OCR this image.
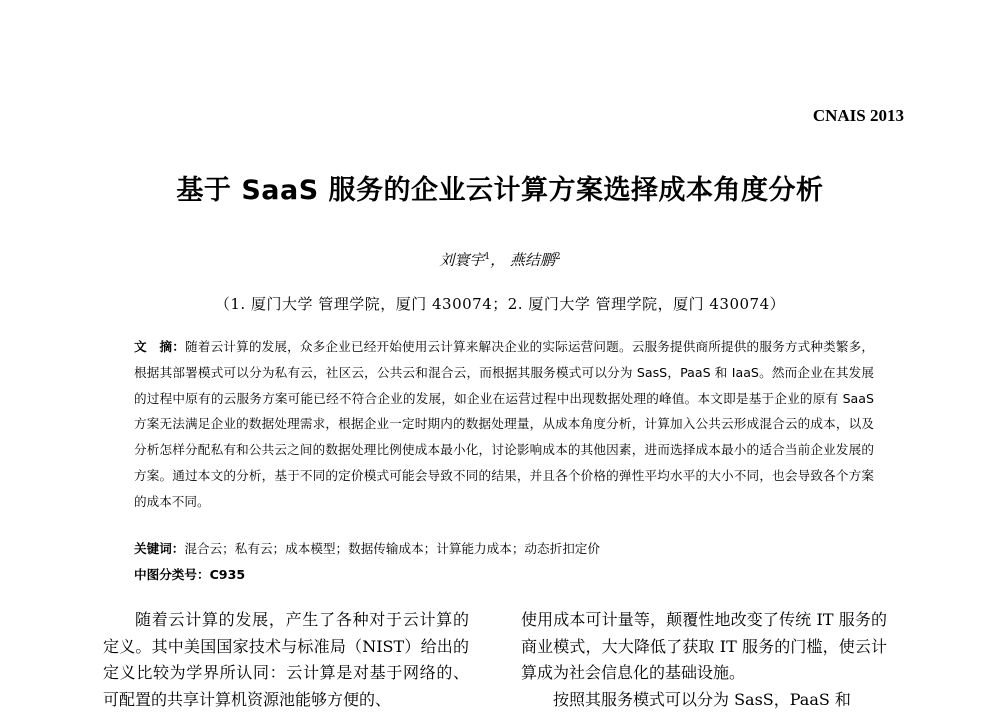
CNAIS 2013
基于 SaaS 服务的企业云计算方案选择成本角度分析
刘寰宇$^1$， 燕结鹏$^2$
（1. 厦门大学 管理学院，厦门 430074；2. 厦门大学 管理学院，厦门 430074）
文　摘：随着云计算的发展，众多企业已经开始使用云计算来解决企业的实际运营问题。云服务提供商所提供的服务方式种类繁多，根据其部署模式可以分为私有云，社区云，公共云和混合云，而根据其服务模式可以分为 SasS，PaaS 和 IaaS。然而企业在其发展的过程中原有的云服务方案可能已经不符合企业的发展，如企业在运营过程中出现数据处理的峰值。本文即是基于企业的原有 SaaS 方案无法满足企业的数据处理需求，根据企业一定时期内的数据处理量，从成本角度分析，计算加入公共云形成混合云的成本，以及分析怎样分配私有和公共云之间的数据处理比例使成本最小化，讨论影响成本的其他因素，进而选择成本最小的适合当前企业发展的方案。通过本文的分析，基于不同的定价模式可能会导致不同的结果，并且各个价格的弹性平均水平的大小不同，也会导致各个方案的成本不同。
关键词：混合云；私有云；成本模型；数据传输成本；计算能力成本；动态折扣定价
中图分类号：C935

随着云计算的发展，产生了各种对于云计算的定义。其中美国国家技术与标准局（NIST）给出的定义比较为学界所认同：云计算是对基于网络的、可配置的共享计算机资源池能够方便的、

使用成本可计量等，颠覆性地改变了传统 IT 服务的商业模式，大大降低了获取 IT 服务的门槛，使云计算成为社会信息化的基础设施。

按照其服务模式可以分为 SasS，PaaS 和
